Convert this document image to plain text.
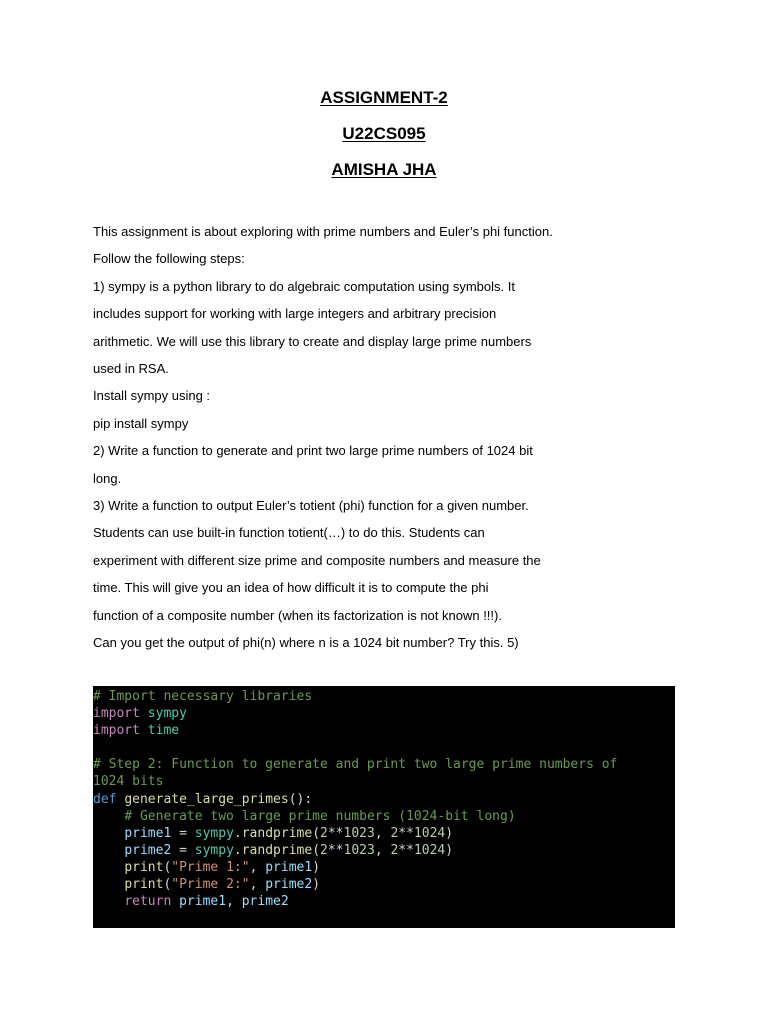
ASSIGNMENT-2
U22CS095
AMISHA JHA
This assignment is about exploring with prime numbers and Euler’s phi function.
Follow the following steps:
1) sympy is a python library to do algebraic computation using symbols. It
includes support for working with large integers and arbitrary precision
arithmetic. We will use this library to create and display large prime numbers
used in RSA.
Install sympy using :
pip install sympy
2) Write a function to generate and print two large prime numbers of 1024 bit
long.
3) Write a function to output Euler’s totient (phi) function for a given number.
Students can use built-in function totient(…) to do this. Students can
experiment with different size prime and composite numbers and measure the
time. This will give you an idea of how difficult it is to compute the phi
function of a composite number (when its factorization is not known !!!).
Can you get the output of phi(n) where n is a 1024 bit number? Try this. 5)
# Import necessary libraries
import sympy
import time

# Step 2: Function to generate and print two large prime numbers of
1024 bits
def generate_large_primes():
# Generate two large prime numbers (1024-bit long)
prime1 = sympy.randprime(2**1023, 2**1024)
prime2 = sympy.randprime(2**1023, 2**1024)
print("Prime 1:", prime1)
print("Prime 2:", prime2)
return prime1, prime2
